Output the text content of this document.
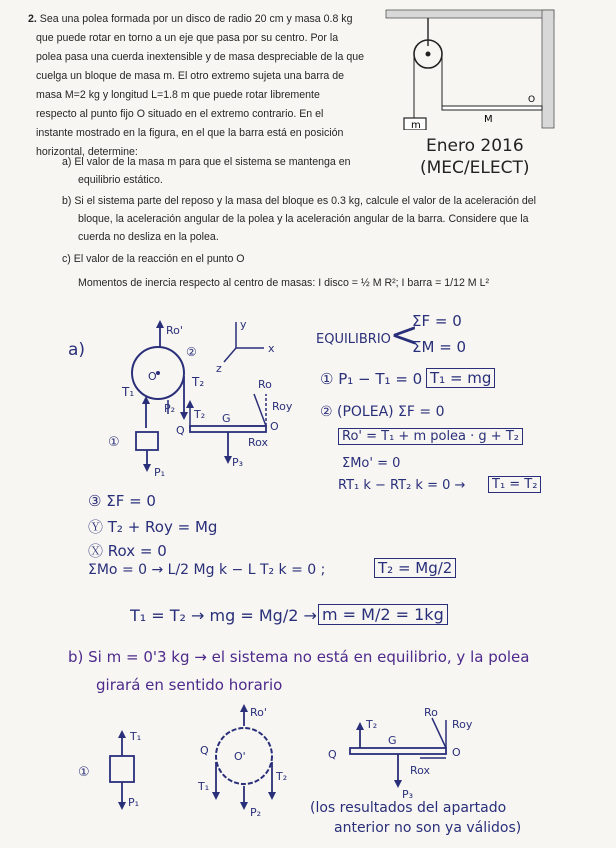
2. Sea una polea formada por un disco de radio 20 cm y masa 0.8 kg
que puede rotar en torno a un eje que pasa por su centro. Por la
polea pasa una cuerda inextensible y de masa despreciable de la que
cuelga un bloque de masa m. El otro extremo sujeta una barra de
masa M=2 kg y longitud L=1.8 m que puede rotar libremente
respecto al punto fijo O situado en el extremo contrario. En el
instante mostrado en la figura, en el que la barra está en posición
horizontal, determine:
a) El valor de la masa m para que el sistema se mantenga en
equilibrio estático.
b) Si el sistema parte del reposo y la masa del bloque es 0.3 kg, calcule el valor de la aceleración del
bloque, la aceleración angular de la polea y la aceleración angular de la barra. Considere que la
cuerda no desliza en la polea.
c) El valor de la reacción en el punto O
Momentos de inercia respecto al centro de masas: I disco = ½ M R²; I barra = 1/12 M L²
m
M
O
Enero 2016
(MEC/ELECT)
Ro'
O'
②
T₁
T₂
P₂ T₂ G
Q
①
P₁
P₃
Ro
Roy
O
Rox
y
x
z
a)
EQUILIBRIO <
ΣF = 0
ΣM = 0
① P₁ − T₁ = 0 T₁ = mg
② (POLEA) ΣF = 0
Ro' = T₁ + m polea · g + T₂
ΣMo' = 0
RT₁ k − RT₂ k = 0 →	T₁ = T₂
③ ΣF = 0
Ⓨ T₂ + Roy = Mg
Ⓧ Rox = 0
ΣMo = 0 → L/2 Mg k − L T₂ k = 0 ;	T₂ = Mg/2
T₁ = T₂ → mg = Mg/2 → m = M/2 = 1kg
b) Si m = 0'3 kg → el sistema no está en equilibrio, y la polea
girará en sentido horario
①
T₁
P₁
Ro'
O'
Q
T₁
T₂
P₂
T₂
G
Q
P₃
Ro
Roy
O
Rox
(los resultados del apartado
anterior no son ya válidos)
